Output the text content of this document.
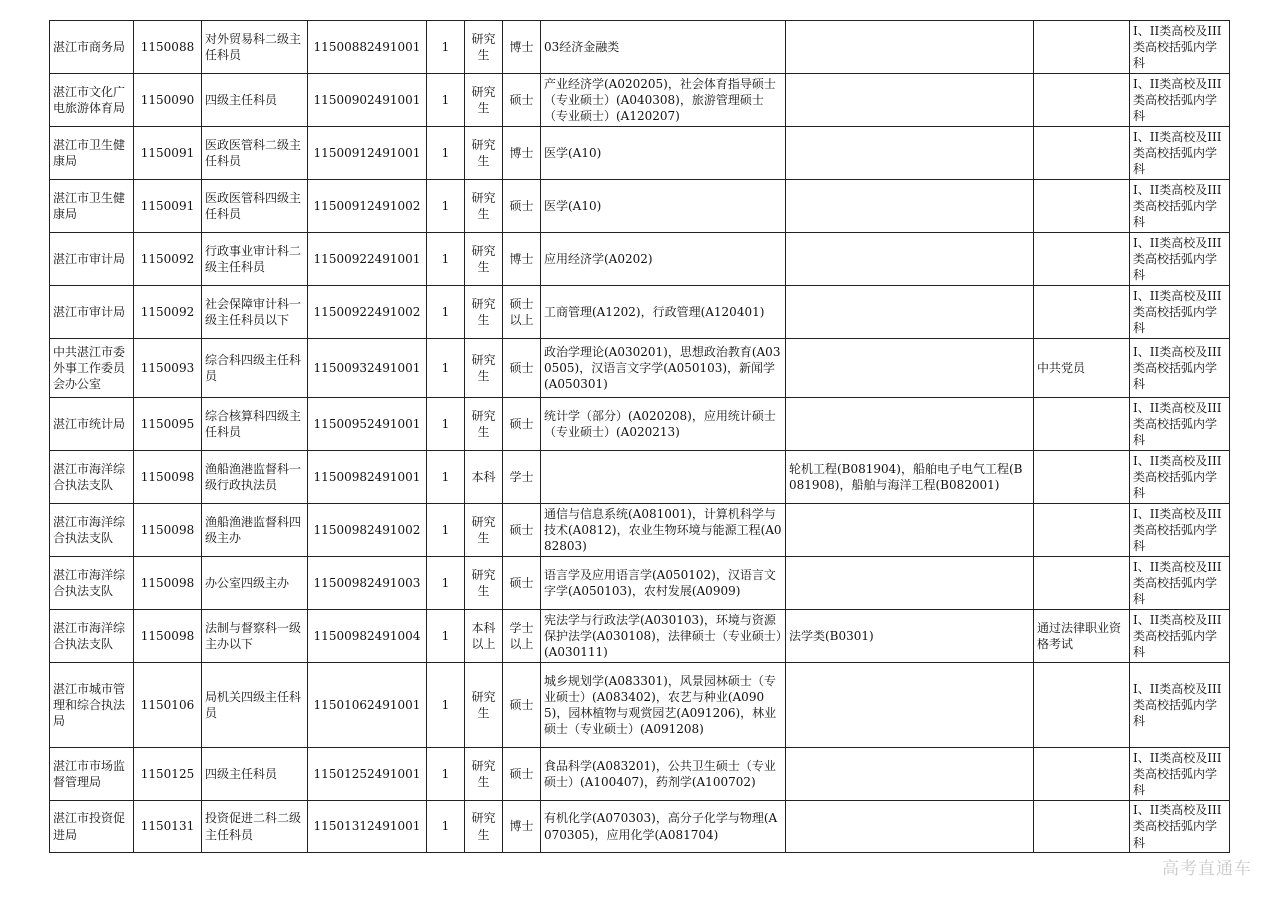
湛江市商务局	1150088	对外贸易科二级主任科员	11500882491001	1	研究生	博士	03经济金融类			I、II类高校及III类高校括弧内学科
湛江市文化广电旅游体育局	1150090	四级主任科员	11500902491001	1	研究生	硕士	产业经济学(A020205)，社会体育指导硕士（专业硕士）(A040308)，旅游管理硕士（专业硕士）(A120207)			I、II类高校及III类高校括弧内学科
湛江市卫生健康局	1150091	医政医管科二级主任科员	11500912491001	1	研究生	博士	医学(A10)			I、II类高校及III类高校括弧内学科
湛江市卫生健康局	1150091	医政医管科四级主任科员	11500912491002	1	研究生	硕士	医学(A10)			I、II类高校及III类高校括弧内学科
湛江市审计局	1150092	行政事业审计科二级主任科员	11500922491001	1	研究生	博士	应用经济学(A0202)			I、II类高校及III类高校括弧内学科
湛江市审计局	1150092	社会保障审计科一级主任科员以下	11500922491002	1	研究生	硕士以上	工商管理(A1202)，行政管理(A120401)			I、II类高校及III类高校括弧内学科
中共湛江市委外事工作委员会办公室	1150093	综合科四级主任科员	11500932491001	1	研究生	硕士	政治学理论(A030201)，思想政治教育(A030505)，汉语言文字学(A050103)，新闻学(A050301)		中共党员	I、II类高校及III类高校括弧内学科
湛江市统计局	1150095	综合核算科四级主任科员	11500952491001	1	研究生	硕士	统计学（部分）(A020208)，应用统计硕士（专业硕士）(A020213)			I、II类高校及III类高校括弧内学科
湛江市海洋综合执法支队	1150098	渔船渔港监督科一级行政执法员	11500982491001	1	本科	学士		轮机工程(B081904)，船舶电子电气工程(B081908)，船舶与海洋工程(B082001)		I、II类高校及III类高校括弧内学科
湛江市海洋综合执法支队	1150098	渔船渔港监督科四级主办	11500982491002	1	研究生	硕士	通信与信息系统(A081001)，计算机科学与技术(A0812)，农业生物环境与能源工程(A082803)			I、II类高校及III类高校括弧内学科
湛江市海洋综合执法支队	1150098	办公室四级主办	11500982491003	1	研究生	硕士	语言学及应用语言学(A050102)，汉语言文字学(A050103)，农村发展(A0909)			I、II类高校及III类高校括弧内学科
湛江市海洋综合执法支队	1150098	法制与督察科一级主办以下	11500982491004	1	本科以上	学士以上	宪法学与行政法学(A030103)，环境与资源保护法学(A030108)，法律硕士（专业硕士）(A030111)	法学类(B0301)	通过法律职业资格考试	I、II类高校及III类高校括弧内学科
湛江市城市管理和综合执法局	1150106	局机关四级主任科员	11501062491001	1	研究生	硕士	城乡规划学(A083301)，风景园林硕士（专业硕士）(A083402)，农艺与种业(A0905)，园林植物与观赏园艺(A091206)，林业硕士（专业硕士）(A091208)			I、II类高校及III类高校括弧内学科
湛江市市场监督管理局	1150125	四级主任科员	11501252491001	1	研究生	硕士	食品科学(A083201)，公共卫生硕士（专业硕士）(A100407)，药剂学(A100702)			I、II类高校及III类高校括弧内学科
湛江市投资促进局	1150131	投资促进二科二级主任科员	11501312491001	1	研究生	博士	有机化学(A070303)，高分子化学与物理(A070305)，应用化学(A081704)			I、II类高校及III类高校括弧内学科
高考直通车
